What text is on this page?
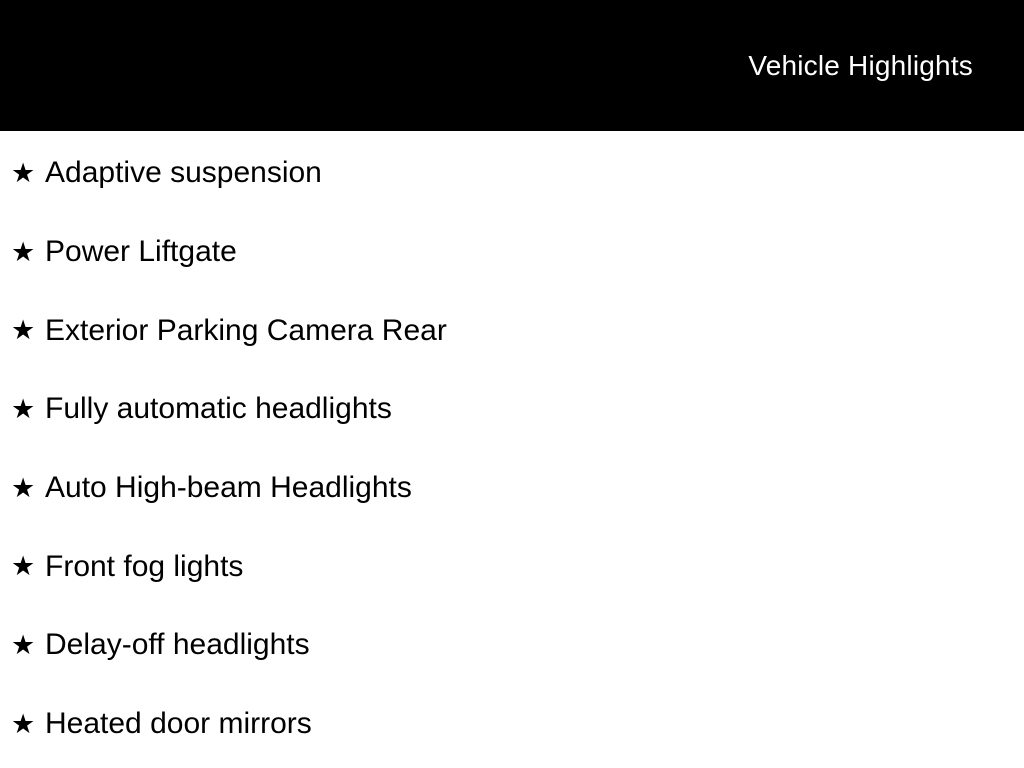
Vehicle Highlights
★ Adaptive suspension
★ Power Liftgate
★ Exterior Parking Camera Rear
★ Fully automatic headlights
★ Auto High-beam Headlights
★ Front fog lights
★ Delay-off headlights
★ Heated door mirrors
